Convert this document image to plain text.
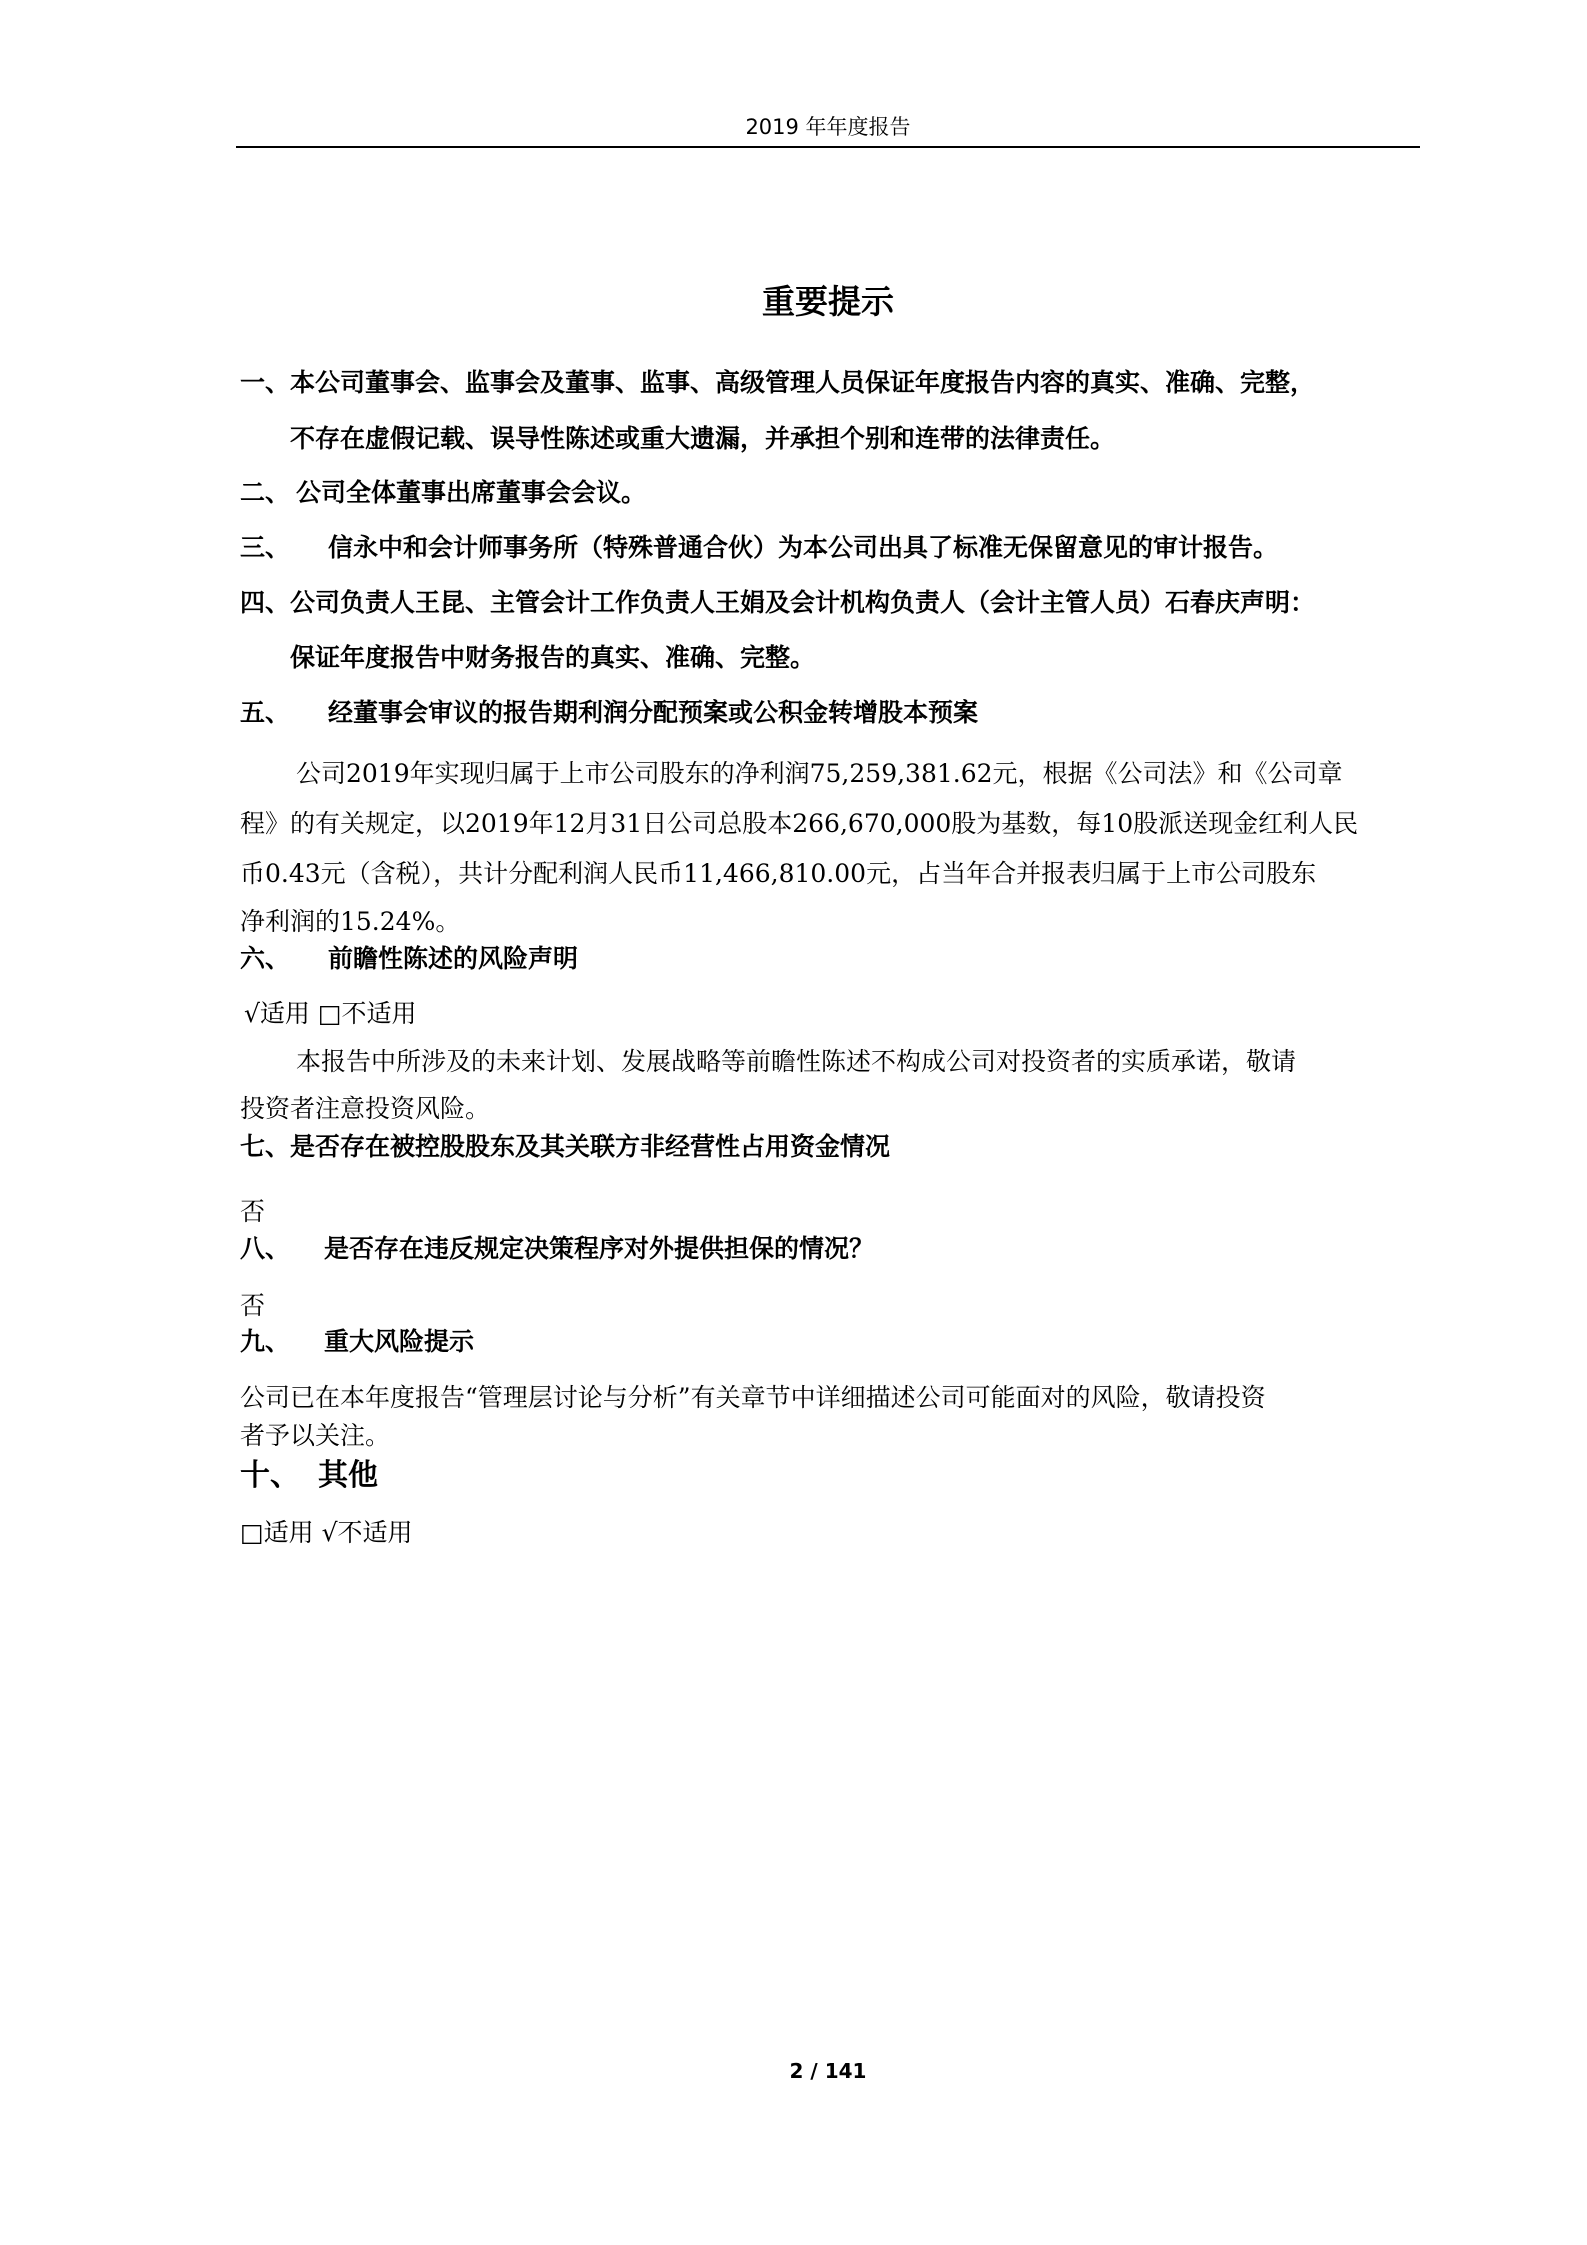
2019 年年度报告
重要提示
一、本公司董事会、监事会及董事、监事、高级管理人员保证年度报告内容的真实、准确、完整，
不存在虚假记载、误导性陈述或重大遗漏，并承担个别和连带的法律责任。
二、 公司全体董事出席董事会会议。
三、 信永中和会计师事务所（特殊普通合伙）为本公司出具了标准无保留意见的审计报告。
四、公司负责人王昆、主管会计工作负责人王娟及会计机构负责人（会计主管人员）石春庆声明：
保证年度报告中财务报告的真实、准确、完整。
五、 经董事会审议的报告期利润分配预案或公积金转增股本预案
公司2019年实现归属于上市公司股东的净利润75,259,381.62元，根据《公司法》和《公司章
程》的有关规定，以2019年12月31日公司总股本266,670,000股为基数，每10股派送现金红利人民
币0.43元（含税），共计分配利润人民币11,466,810.00元，占当年合并报表归属于上市公司股东
净利润的15.24%。
六、 前瞻性陈述的风险声明
√适用 □不适用
本报告中所涉及的未来计划、发展战略等前瞻性陈述不构成公司对投资者的实质承诺，敬请
投资者注意投资风险。
七、是否存在被控股股东及其关联方非经营性占用资金情况
否
八、 是否存在违反规定决策程序对外提供担保的情况？
否
九、 重大风险提示
公司已在本年度报告“管理层讨论与分析”有关章节中详细描述公司可能面对的风险，敬请投资
者予以关注。
十、 其他
□适用 √不适用
2 / 141
